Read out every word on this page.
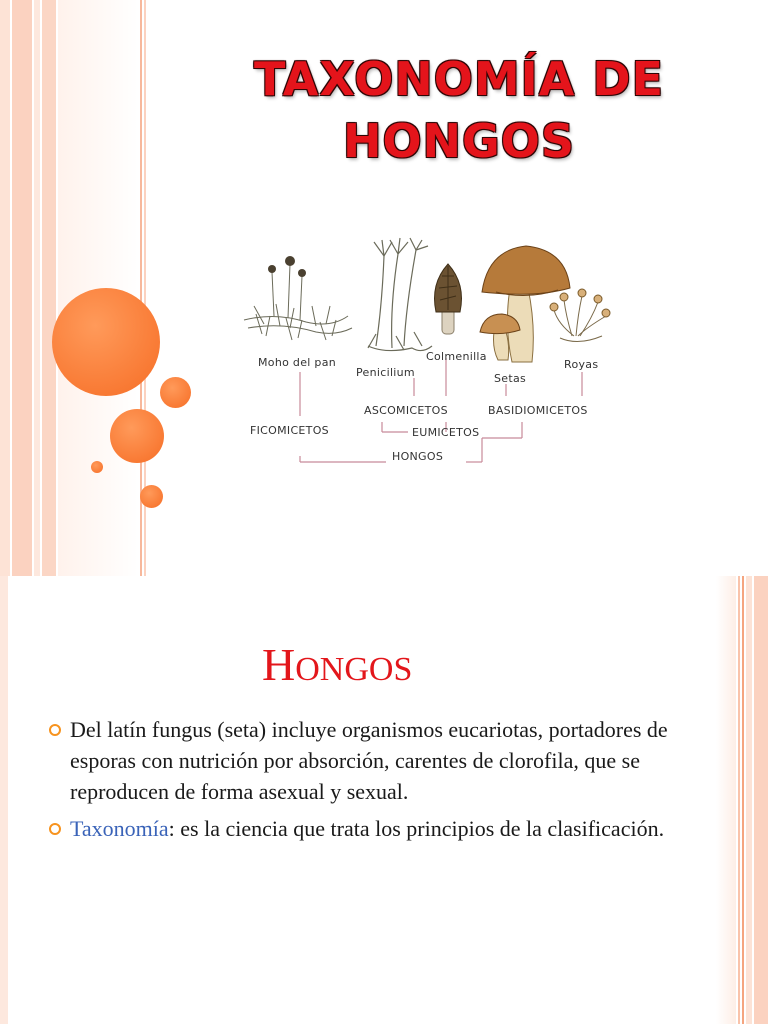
TAXONOMÍA DE
HONGOS
Moho del pan
Penicilium
Colmenilla
Setas
Royas
ASCOMICETOS	BASIDIOMICETOS
FICOMICETOS	EUMICETOS
HONGOS
HONGOS
Del latín fungus (seta) incluye organismos eucariotas, portadores de esporas con nutrición por absorción, carentes de clorofila, que se reproducen de forma asexual y sexual.
Taxonomía: es la ciencia que trata los principios de la clasificación.
